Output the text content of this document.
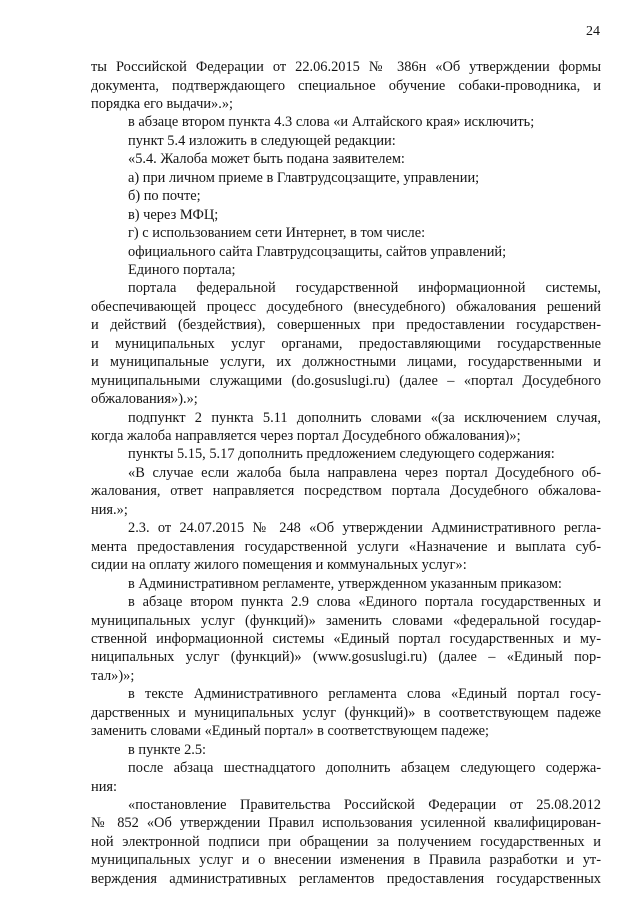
24
ты Российской Федерации от 22.06.2015 № 386н «Об утверждении формы
документа, подтверждающего специальное обучение собаки-проводника, и
порядка его выдачи».»;
в абзаце втором пункта 4.3 слова «и Алтайского края» исключить;
пункт 5.4 изложить в следующей редакции:
«5.4. Жалоба может быть подана заявителем:
а) при личном приеме в Главтрудсоцзащите, управлении;
б) по почте;
в) через МФЦ;
г) с использованием сети Интернет, в том числе:
официального сайта Главтрудсоцзащиты, сайтов управлений;
Единого портала;
портала федеральной государственной информационной системы,
обеспечивающей процесс досудебного (внесудебного) обжалования решений
и действий (бездействия), совершенных при предоставлении государствен-
и муниципальных услуг органами, предоставляющими государственные
и муниципальные услуги, их должностными лицами, государственными и
муниципальными служащими (do.gosuslugi.ru) (далее – «портал Досудебного
обжалования»).»;
подпункт 2 пункта 5.11 дополнить словами «(за исключением случая,
когда жалоба направляется через портал Досудебного обжалования)»;
пункты 5.15, 5.17 дополнить предложением следующего содержания:
«В случае если жалоба была направлена через портал Досудебного об-
жалования, ответ направляется посредством портала Досудебного обжалова-
ния.»;
2.3. от 24.07.2015 № 248 «Об утверждении Административного регла-
мента предоставления государственной услуги «Назначение и выплата суб-
сидии на оплату жилого помещения и коммунальных услуг»:
в Административном регламенте, утвержденном указанным приказом:
в абзаце втором пункта 2.9 слова «Единого портала государственных и
муниципальных услуг (функций)» заменить словами «федеральной государ-
ственной информационной системы «Единый портал государственных и му-
ниципальных услуг (функций)» (www.gosuslugi.ru) (далее – «Единый пор-
тал»)»;
в тексте Административного регламента слова «Единый портал госу-
дарственных и муниципальных услуг (функций)» в соответствующем падеже
заменить словами «Единый портал» в соответствующем падеже;
в пункте 2.5:
после абзаца шестнадцатого дополнить абзацем следующего содержа-
ния:
«постановление Правительства Российской Федерации от 25.08.2012
№ 852 «Об утверждении Правил использования усиленной квалифицирован-
ной электронной подписи при обращении за получением государственных и
муниципальных услуг и о внесении изменения в Правила разработки и ут-
верждения административных регламентов предоставления государственных
